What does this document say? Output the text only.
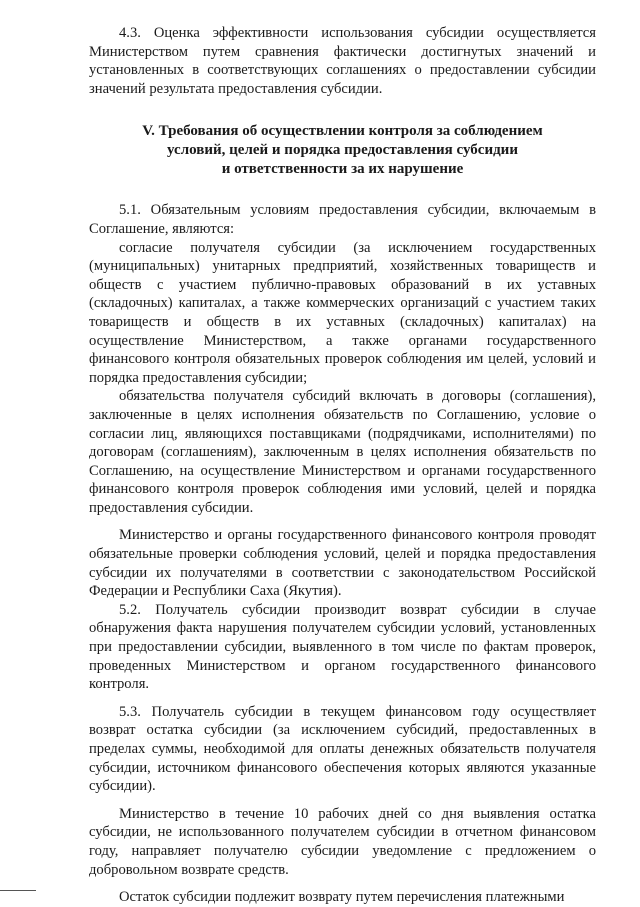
4.3. Оценка эффективности использования субсидии осуществляется Министерством путем сравнения фактически достигнутых значений и установленных в соответствующих соглашениях о предоставлении субсидии значений результата предоставления субсидии.

V. Требования об осуществлении контроля за соблюдением
условий, целей и порядка предоставления субсидии
и ответственности за их нарушение

5.1. Обязательным условиям предоставления субсидии, включаемым в Соглашение, являются:

согласие получателя субсидии (за исключением государственных (муниципальных) унитарных предприятий, хозяйственных товариществ и обществ с участием публично-правовых образований в их уставных (складочных) капиталах, а также коммерческих организаций с участием таких товариществ и обществ в их уставных (складочных) капиталах) на осуществление Министерством, а также органами государственного финансового контроля обязательных проверок соблюдения им целей, условий и порядка предоставления субсидии;

обязательства получателя субсидий включать в договоры (соглашения), заключенные в целях исполнения обязательств по Соглашению, условие о согласии лиц, являющихся поставщиками (подрядчиками, исполнителями) по договорам (соглашениям), заключенным в целях исполнения обязательств по Соглашению, на осуществление Министерством и органами государственного финансового контроля проверок соблюдения ими условий, целей и порядка предоставления субсидии.

Министерство и органы государственного финансового контроля проводят обязательные проверки соблюдения условий, целей и порядка предоставления субсидии их получателями в соответствии с законодательством Российской Федерации и Республики Саха (Якутия).

5.2. Получатель субсидии производит возврат субсидии в случае обнаружения факта нарушения получателем субсидии условий, установленных при предоставлении субсидии, выявленного в том числе по фактам проверок, проведенных Министерством и органом государственного финансового контроля.

5.3. Получатель субсидии в текущем финансовом году осуществляет возврат остатка субсидии (за исключением субсидий, предоставленных в пределах суммы, необходимой для оплаты денежных обязательств получателя субсидии, источником финансового обеспечения которых являются указанные субсидии).

Министерство в течение 10 рабочих дней со дня выявления остатка субсидии, не использованного получателем субсидии в отчетном финансовом году, направляет получателю субсидии уведомление с предложением о добровольном возврате средств.

Остаток субсидии подлежит возврату путем перечисления платежными
